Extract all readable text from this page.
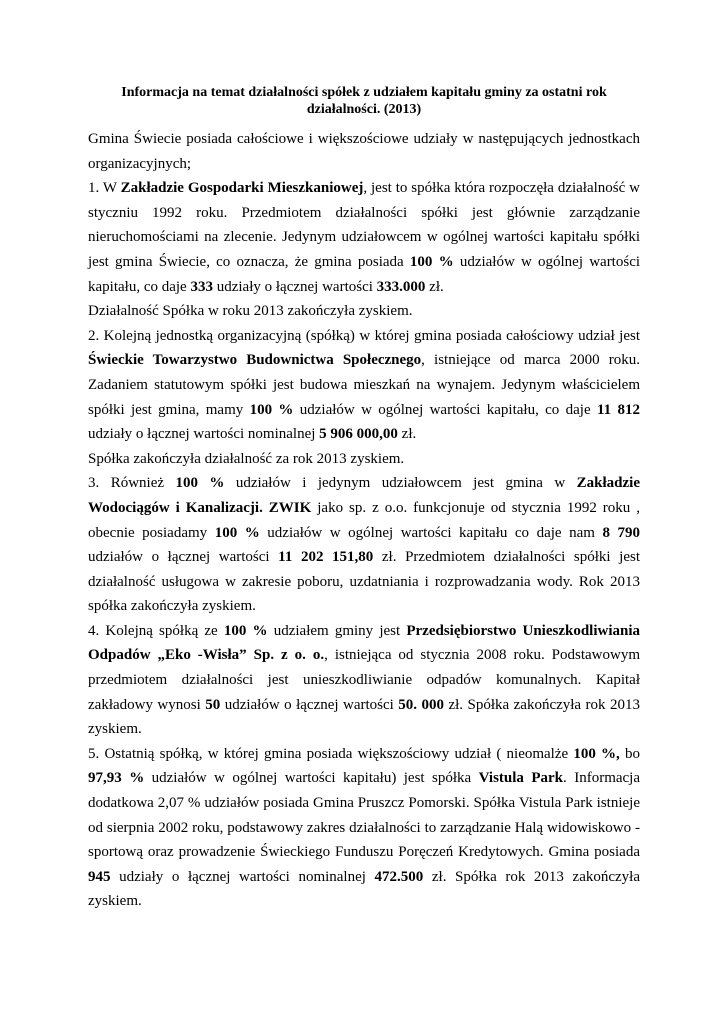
Informacja na temat działalności spółek z udziałem kapitału gminy za ostatni rok działalności. (2013)

Gmina Świecie posiada całościowe i większościowe udziały w następujących jednostkach organizacyjnych;

1. W Zakładzie Gospodarki Mieszkaniowej, jest to spółka która rozpoczęła działalność w styczniu 1992 roku. Przedmiotem działalności spółki jest głównie zarządzanie nieruchomościami na zlecenie. Jedynym udziałowcem w ogólnej wartości kapitału spółki jest gmina Świecie, co oznacza, że gmina posiada 100 % udziałów w ogólnej wartości kapitału, co daje 333 udziały o łącznej wartości 333.000 zł.

Działalność Spółka w roku 2013 zakończyła zyskiem.

2. Kolejną jednostką organizacyjną (spółką) w której gmina posiada całościowy udział jest Świeckie Towarzystwo Budownictwa Społecznego, istniejące od marca 2000 roku. Zadaniem statutowym spółki jest budowa mieszkań na wynajem. Jedynym właścicielem spółki jest gmina, mamy 100 % udziałów w ogólnej wartości kapitału, co daje 11 812 udziały o łącznej wartości nominalnej 5 906 000,00 zł.

Spółka zakończyła działalność za rok 2013 zyskiem.

3. Również 100 % udziałów i jedynym udziałowcem jest gmina w Zakładzie Wodociągów i Kanalizacji. ZWIK jako sp. z o.o. funkcjonuje od stycznia 1992 roku , obecnie posiadamy 100 % udziałów w ogólnej wartości kapitału co daje nam 8 790 udziałów o łącznej wartości 11 202 151,80 zł. Przedmiotem działalności spółki jest działalność usługowa w zakresie poboru, uzdatniania i rozprowadzania wody. Rok 2013 spółka zakończyła zyskiem.

4. Kolejną spółką ze 100 % udziałem gminy jest Przedsiębiorstwo Unieszkodliwiania Odpadów „Eko -Wisła” Sp. z o. o., istniejąca od stycznia 2008 roku. Podstawowym przedmiotem działalności jest unieszkodliwianie odpadów komunalnych. Kapitał zakładowy wynosi 50 udziałów o łącznej wartości 50. 000 zł. Spółka zakończyła rok 2013 zyskiem.

5. Ostatnią spółką, w której gmina posiada większościowy udział ( nieomalże 100 %, bo 97,93 % udziałów w ogólnej wartości kapitału) jest spółka Vistula Park. Informacja dodatkowa 2,07 % udziałów posiada Gmina Pruszcz Pomorski. Spółka Vistula Park istnieje od sierpnia 2002 roku, podstawowy zakres działalności to zarządzanie Halą widowiskowo - sportową oraz prowadzenie Świeckiego Funduszu Poręczeń Kredytowych. Gmina posiada 945 udziały o łącznej wartości nominalnej 472.500 zł. Spółka rok 2013 zakończyła zyskiem.
